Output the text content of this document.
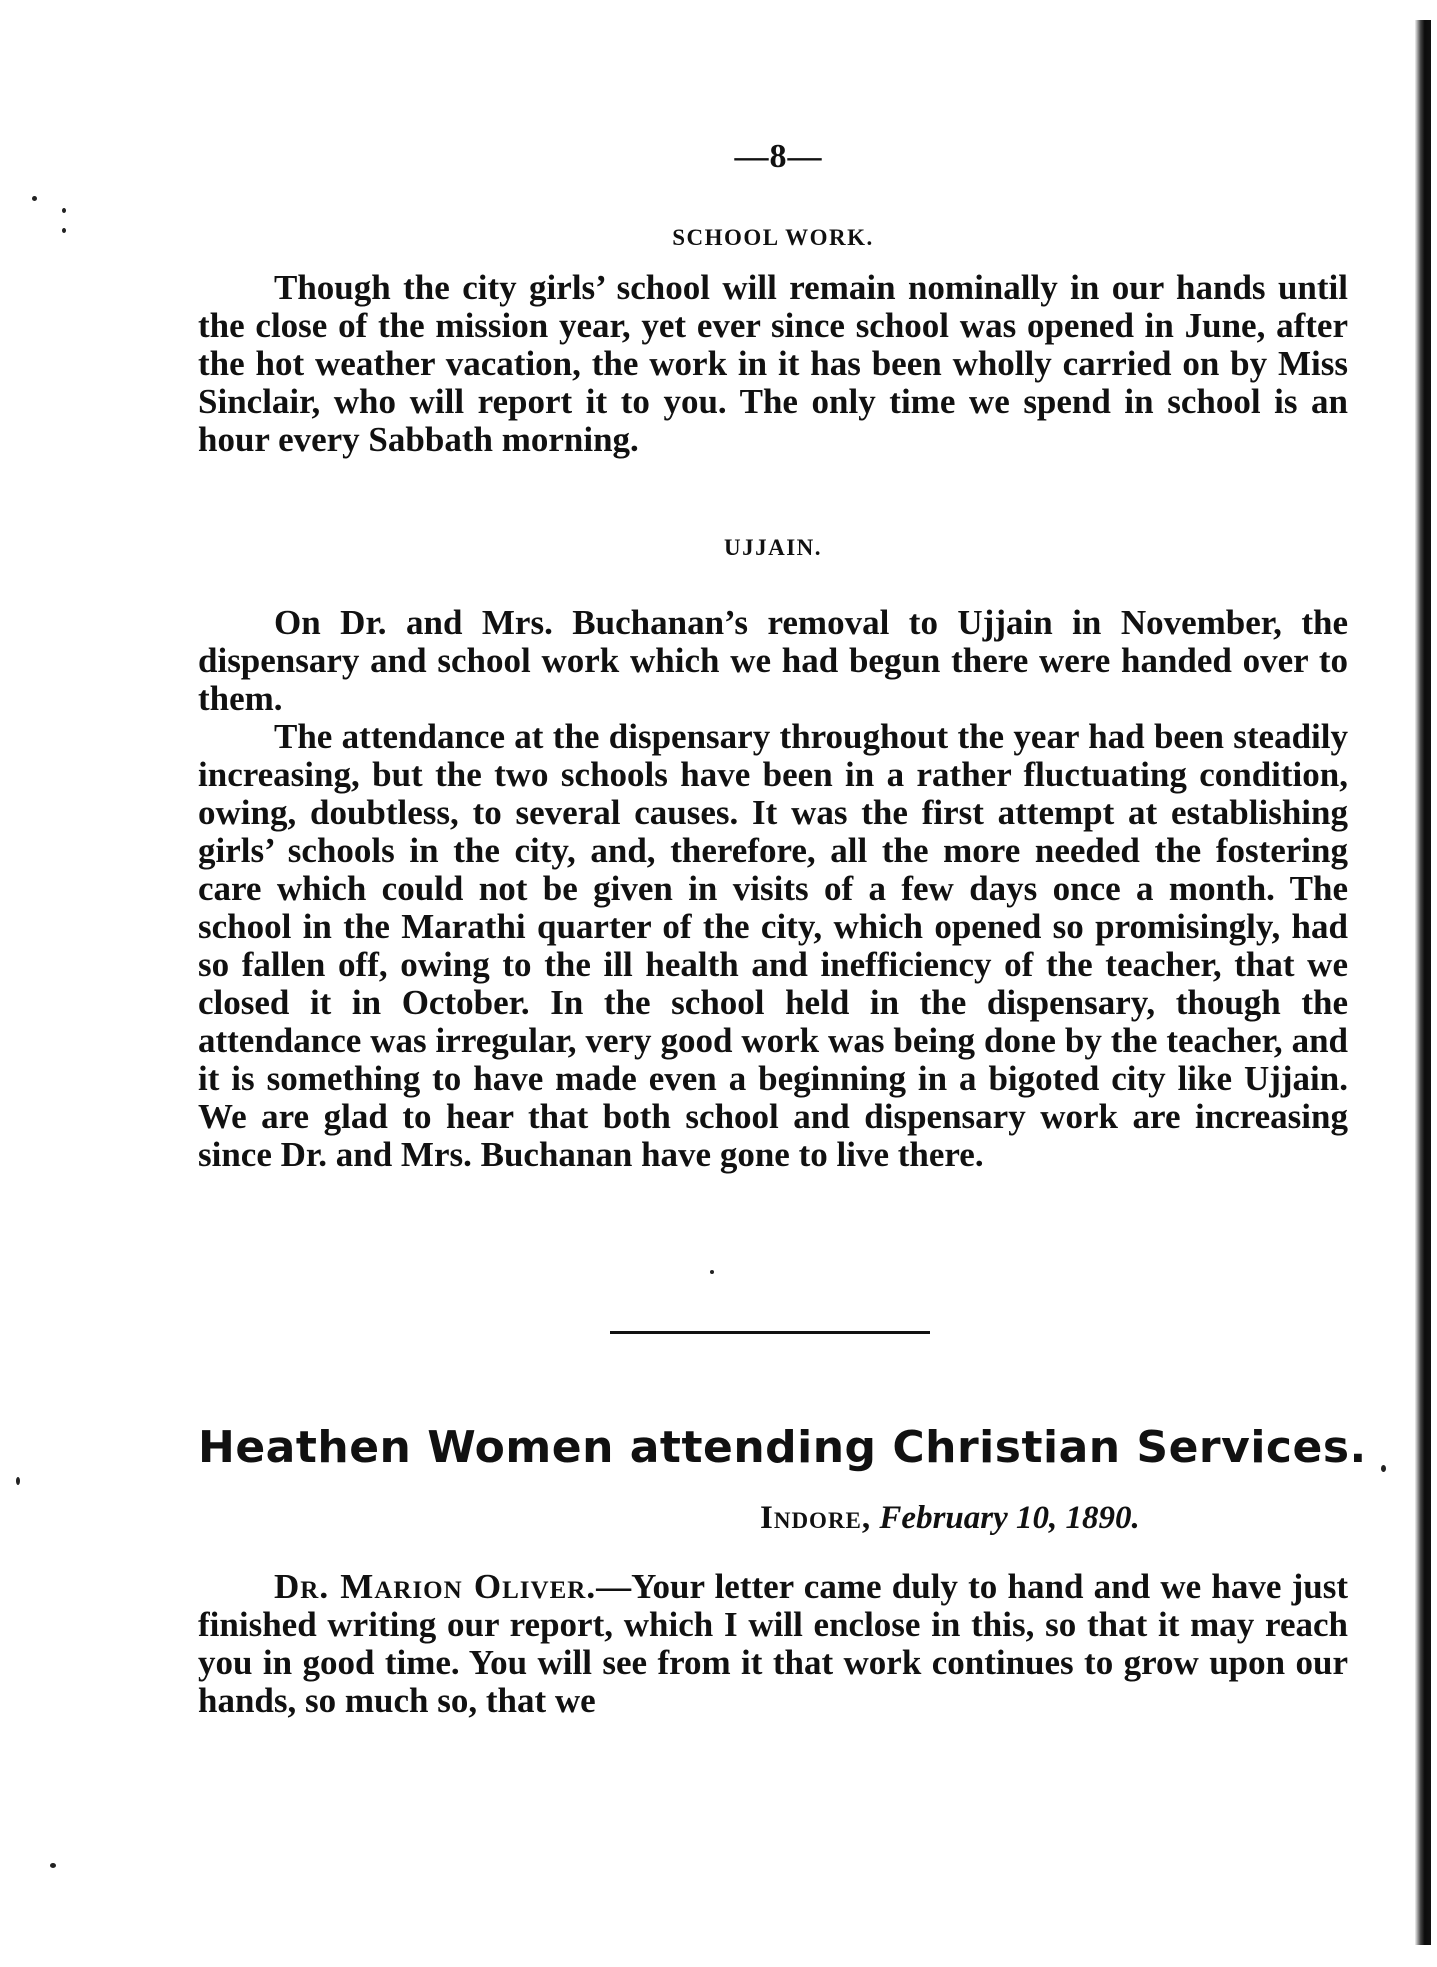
—8—
SCHOOL WORK.

Though the city girls’ school will remain nominally in our hands until the close of the mission year, yet ever since school was opened in June, after the hot weather vacation, the work in it has been wholly carried on by Miss Sinclair, who will report it to you. The only time we spend in school is an hour every Sabbath morning.

UJJAIN.

On Dr. and Mrs. Buchanan’s removal to Ujjain in November, the dispensary and school work which we had begun there were handed over to them.

The attendance at the dispensary throughout the year had been steadily increasing, but the two schools have been in a rather fluctuating condition, owing, doubtless, to several causes. It was the first attempt at establishing girls’ schools in the city, and, therefore, all the more needed the fostering care which could not be given in visits of a few days once a month. The school in the Marathi quarter of the city, which opened so promisingly, had so fallen off, owing to the ill health and inefficiency of the teacher, that we closed it in October. In the school held in the dispensary, though the attendance was irregular, very good work was being done by the teacher, and it is something to have made even a beginning in a bigoted city like Ujjain. We are glad to hear that both school and dispensary work are increasing since Dr. and Mrs. Buchanan have gone to live there.

Heathen Women attending Christian Services.
Indore, February 10, 1890.

Dr. Marion Oliver.—Your letter came duly to hand and we have just finished writing our report, which I will enclose in this, so that it may reach you in good time. You will see from it that work continues to grow upon our hands, so much so, that we
